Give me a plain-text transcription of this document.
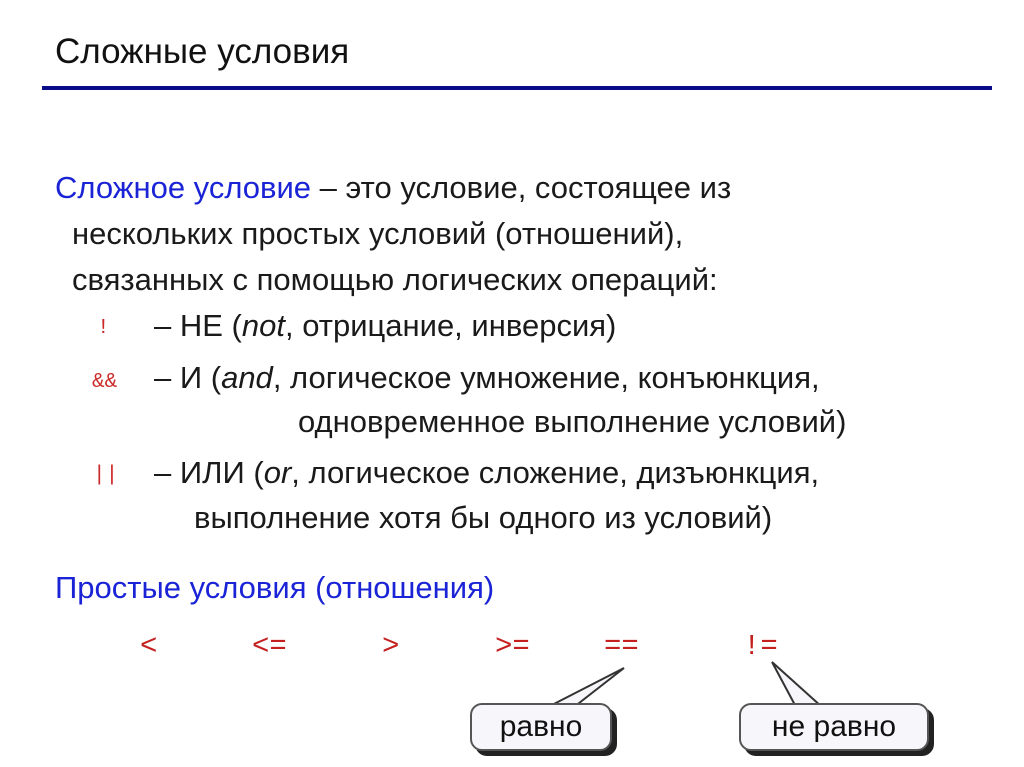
Сложные условия
Сложное условие – это условие, состоящее из
нескольких простых условий (отношений),
связанных с помощью логических операций:
! – НЕ (not, отрицание, инверсия)
&& – И (and, логическое умножение, конъюнкция,
одновременное выполнение условий)
|| – ИЛИ (or, логическое сложение, дизъюнкция,
выполнение хотя бы одного из условий)
Простые условия (отношения)
<	<=	>	>=	==	!=
равно	не равно
